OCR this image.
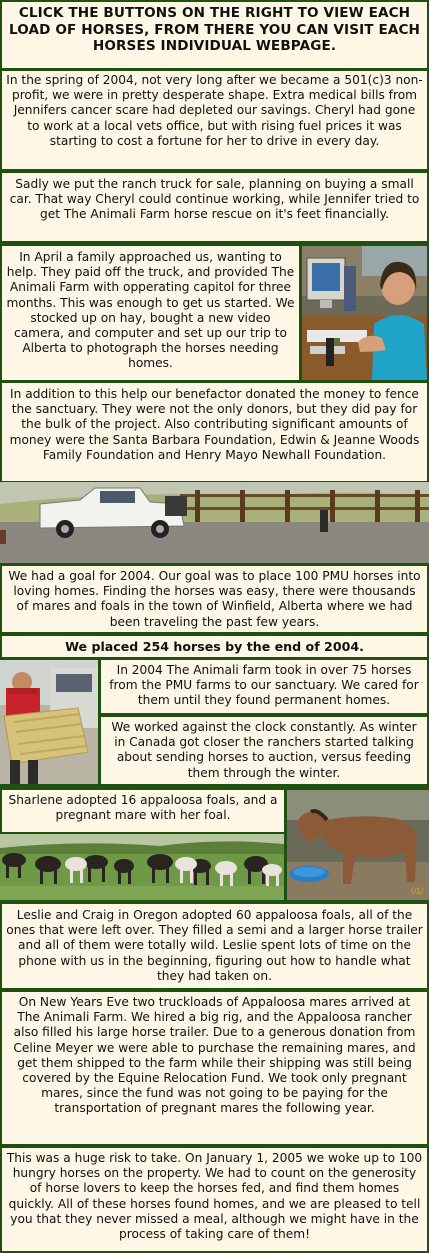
CLICK THE BUTTONS ON THE RIGHT TO VIEW EACH LOAD OF HORSES, FROM THERE YOU CAN VISIT EACH HORSES INDIVIDUAL WEBPAGE.
In the spring of 2004, not very long after we became a 501(c)3 non-profit, we were in pretty desperate shape. Extra medical bills from Jennifers cancer scare had depleted our savings. Cheryl had gone to work at a local vets office, but with rising fuel prices it was starting to cost a fortune for her to drive in every day.
Sadly we put the ranch truck for sale, planning on buying a small car. That way Cheryl could continue working, while Jennifer tried to get The Animali Farm horse rescue on it's feet financially.
In April a family approached us, wanting to help. They paid off the truck, and provided The Animali Farm with opperating capitol for three months. This was enough to get us started. We stocked up on hay, bought a new video camera, and computer and set up our trip to Alberta to photograph the horses needing homes.
In addition to this help our benefactor donated the money to fence the sanctuary. They were not the only donors, but they did pay for the bulk of the project. Also contributing significant amounts of money were the Santa Barbara Foundation, Edwin & Jeanne Woods Family Foundation and Henry Mayo Newhall Foundation.
We had a goal for 2004. Our goal was to place 100 PMU horses into loving homes. Finding the horses was easy, there were thousands of mares and foals in the town of Winfield, Alberta where we had been traveling the past few years.
We placed 254 horses by the end of 2004.
In 2004 The Animali farm took in over 75 horses from the PMU farms to our sanctuary. We cared for them until they found permanent homes.
We worked against the clock constantly. As winter in Canada got closer the ranchers started talking about sending horses to auction, versus feeding them through the winter.
Sharlene adopted 16 appaloosa foals, and a pregnant mare with her foal.
01/
Leslie and Craig in Oregon adopted 60 appaloosa foals, all of the ones that were left over. They filled a semi and a larger horse trailer and all of them were totally wild. Leslie spent lots of time on the phone with us in the beginning, figuring out how to handle what they had taken on.
On New Years Eve two truckloads of Appaloosa mares arrived at The Animali Farm. We hired a big rig, and the Appaloosa rancher also filled his large horse trailer. Due to a generous donation from Celine Meyer we were able to purchase the remaining mares, and get them shipped to the farm while their shipping was still being covered by the Equine Relocation Fund. We took only pregnant mares, since the fund was not going to be paying for the transportation of pregnant mares the following year.
This was a huge risk to take. On January 1, 2005 we woke up to 100 hungry horses on the property. We had to count on the generosity of horse lovers to keep the horses fed, and find them homes quickly. All of these horses found homes, and we are pleased to tell you that they never missed a meal, although we might have in the process of taking care of them!
